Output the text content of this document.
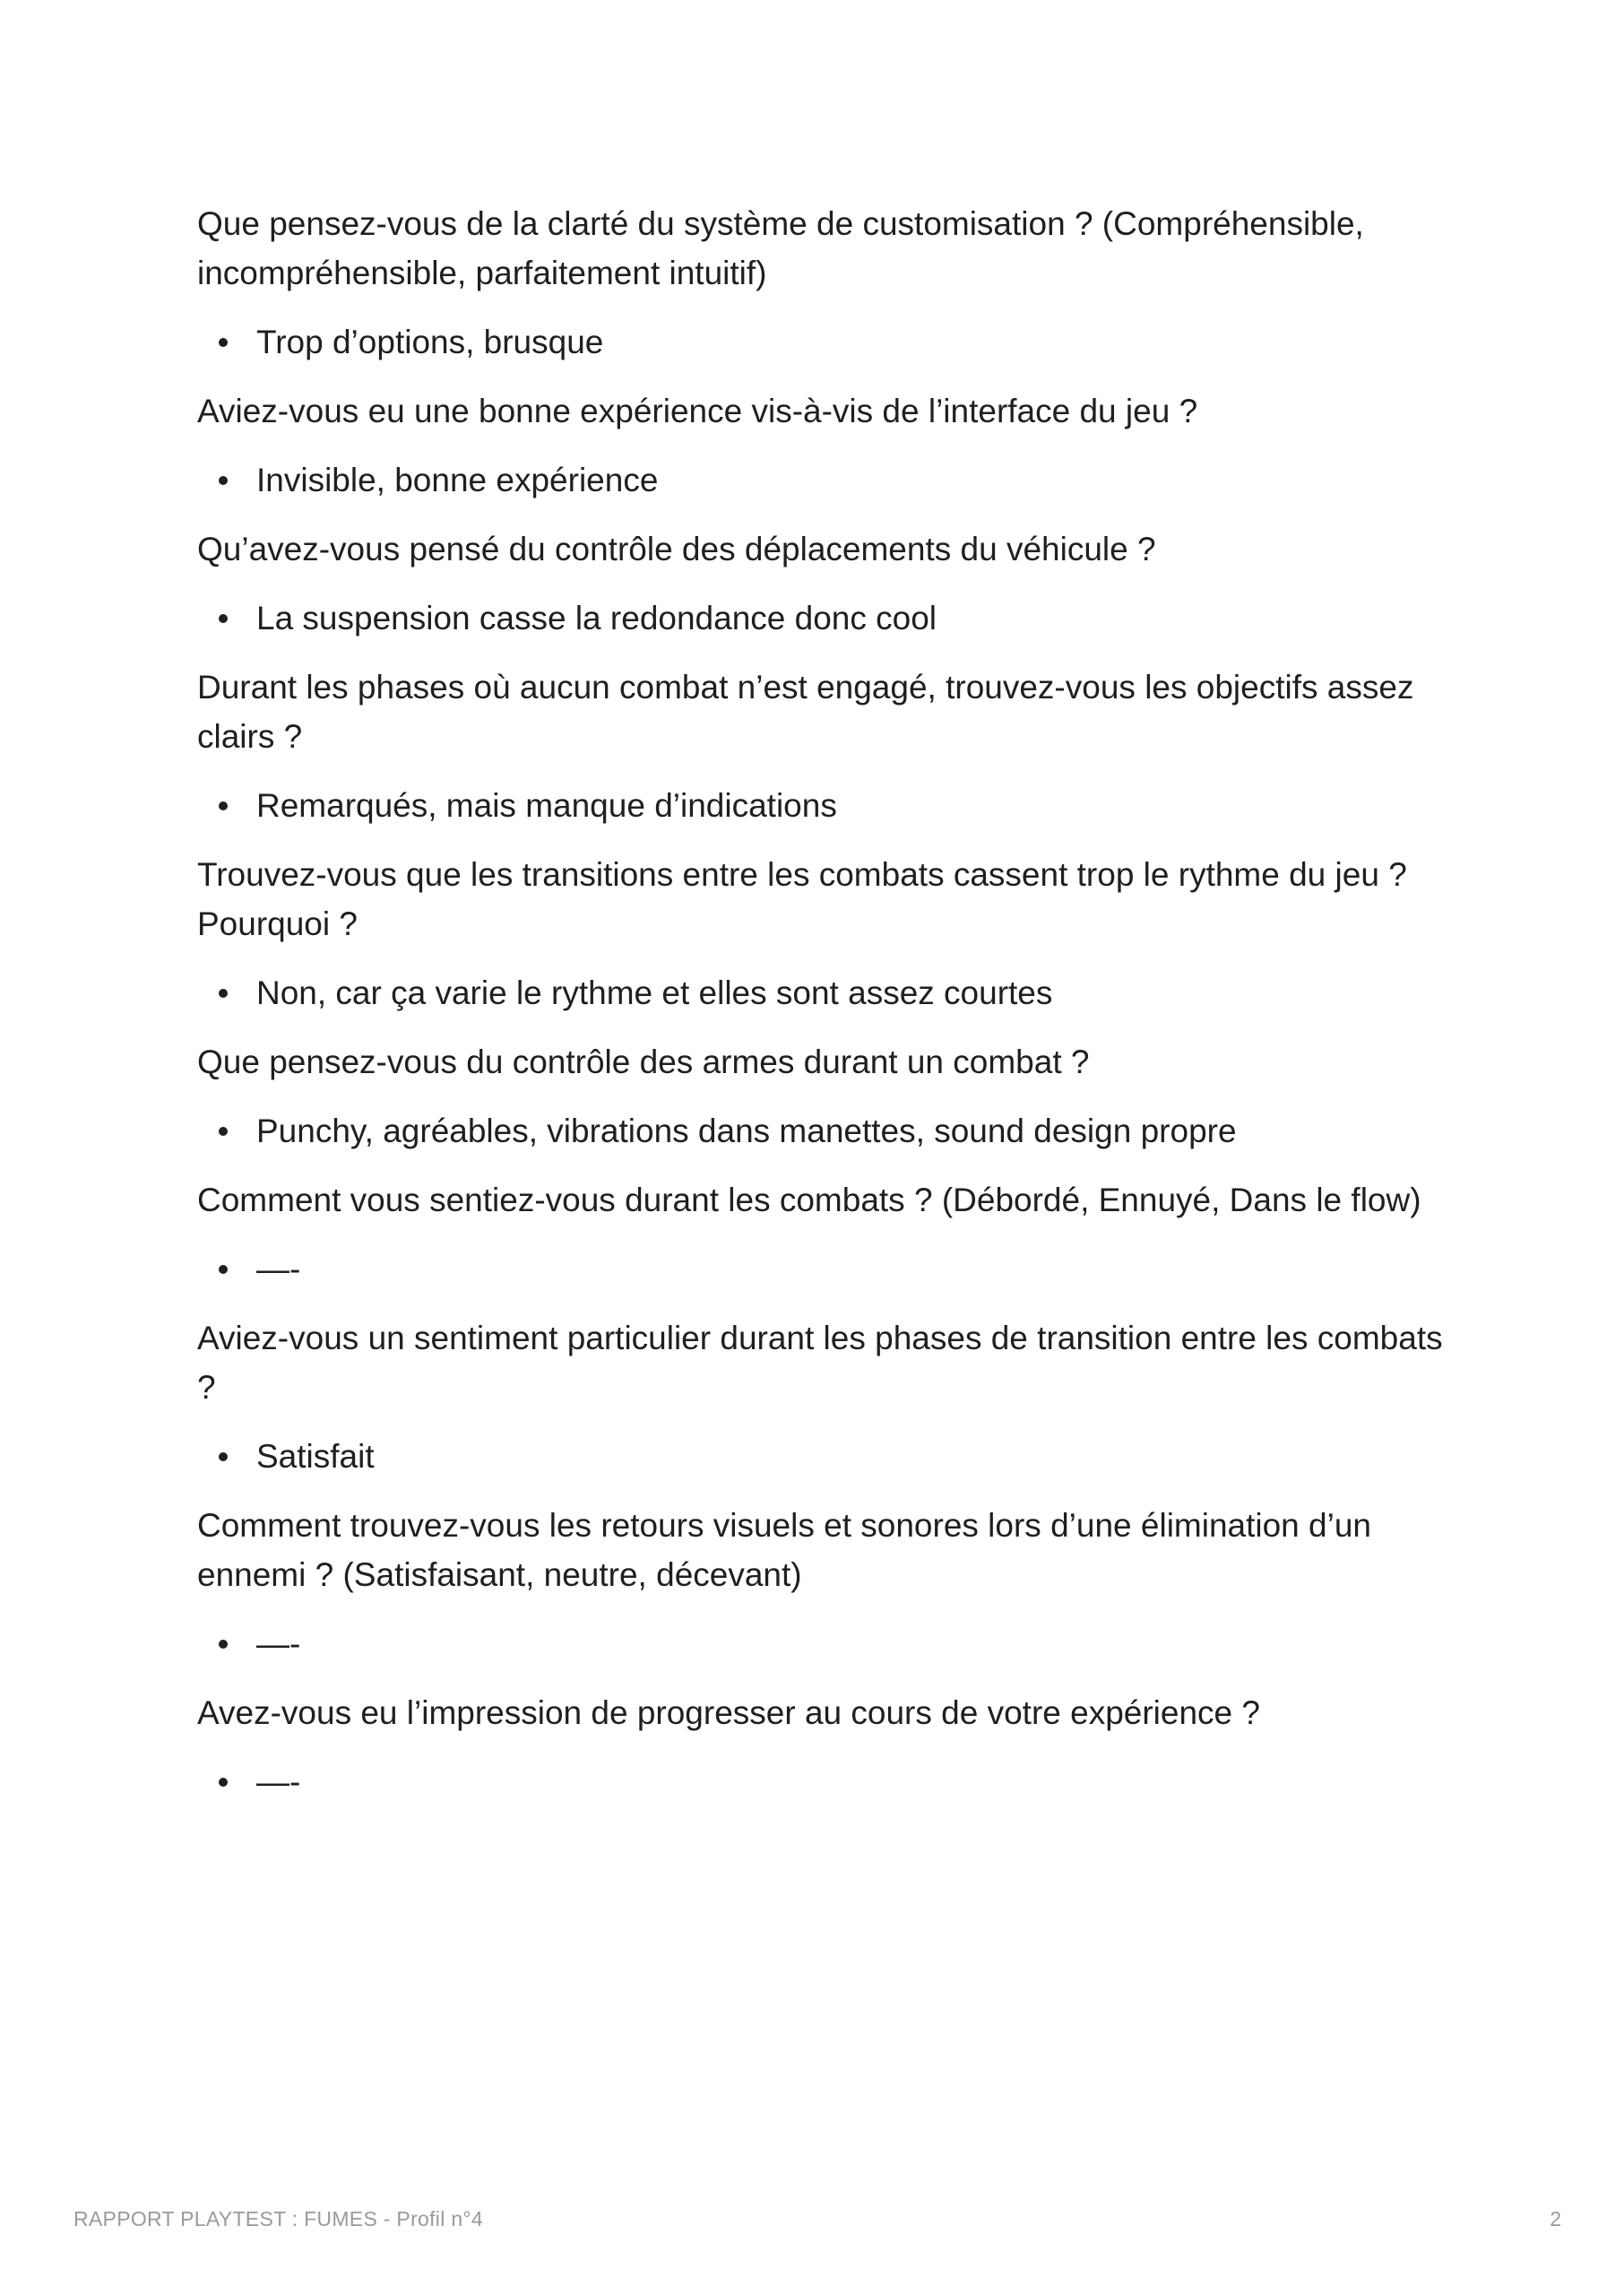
Que pensez-vous de la clarté du système de customisation ? (Compréhensible, incompréhensible, parfaitement intuitif)

Trop d’options, brusque

Aviez-vous eu une bonne expérience vis-à-vis de l’interface du jeu ?

Invisible, bonne expérience

Qu’avez-vous pensé du contrôle des déplacements du véhicule ?

La suspension casse la redondance donc cool

Durant les phases où aucun combat n’est engagé, trouvez-vous les objectifs assez clairs ?

Remarqués, mais manque d’indications

Trouvez-vous que les transitions entre les combats cassent trop le rythme du jeu ? Pourquoi ?

Non, car ça varie le rythme et elles sont assez courtes

Que pensez-vous du contrôle des armes durant un combat ?

Punchy, agréables, vibrations dans manettes, sound design propre

Comment vous sentiez-vous durant les combats ? (Débordé, Ennuyé, Dans le flow)

—-

Aviez-vous un sentiment particulier durant les phases de transition entre les combats ?

Satisfait

Comment trouvez-vous les retours visuels et sonores lors d’une élimination d’un ennemi ? (Satisfaisant, neutre, décevant)

—-

Avez-vous eu l’impression de progresser au cours de votre expérience ?

—-
RAPPORT PLAYTEST : FUMES - Profil n°4	2
